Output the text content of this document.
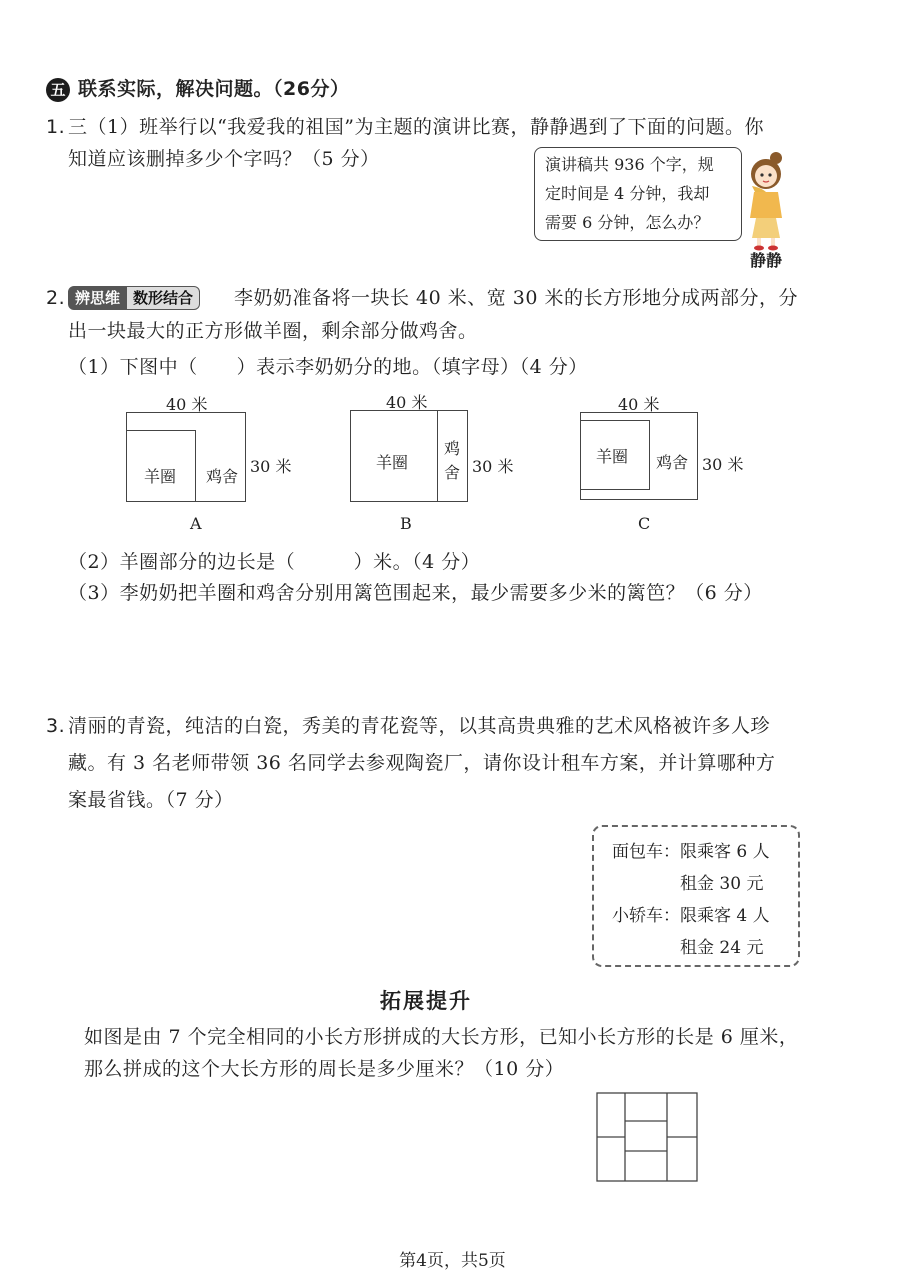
五 联系实际，解决问题。（26分）
1. 三（1）班举行以“我爱我的祖国”为主题的演讲比赛，静静遇到了下面的问题。你
知道应该删掉多少个字吗？（5 分）	演讲稿共 936 个字，规
定时间是 4 分钟，我却
需要 6 分钟，怎么办？
静静
2. 辨思维 数形结合	李奶奶准备将一块长 40 米、宽 30 米的长方形地分成两部分，分
出一块最大的正方形做羊圈，剩余部分做鸡舍。
（1）下图中（　　）表示李奶奶分的地。（填字母）（4 分）
40 米
羊圈 鸡舍
30 米
A
40 米
羊圈
鸡
舍 30 米
B
40 米
羊圈 鸡舍 30 米
C
（2）羊圈部分的边长是（　　　）米。（4 分）
（3）李奶奶把羊圈和鸡舍分别用篱笆围起来，最少需要多少米的篱笆？（6 分）
3. 清丽的青瓷，纯洁的白瓷，秀美的青花瓷等，以其高贵典雅的艺术风格被许多人珍
藏。有 3 名老师带领 36 名同学去参观陶瓷厂，请你设计租车方案，并计算哪种方
案最省钱。（7 分）
面包车：限乘客 6 人
租金 30 元
小轿车：限乘客 4 人
租金 24 元
拓展提升
如图是由 7 个完全相同的小长方形拼成的大长方形，已知小长方形的长是 6 厘米，
那么拼成的这个大长方形的周长是多少厘米？（10 分）
第4页，共5页
